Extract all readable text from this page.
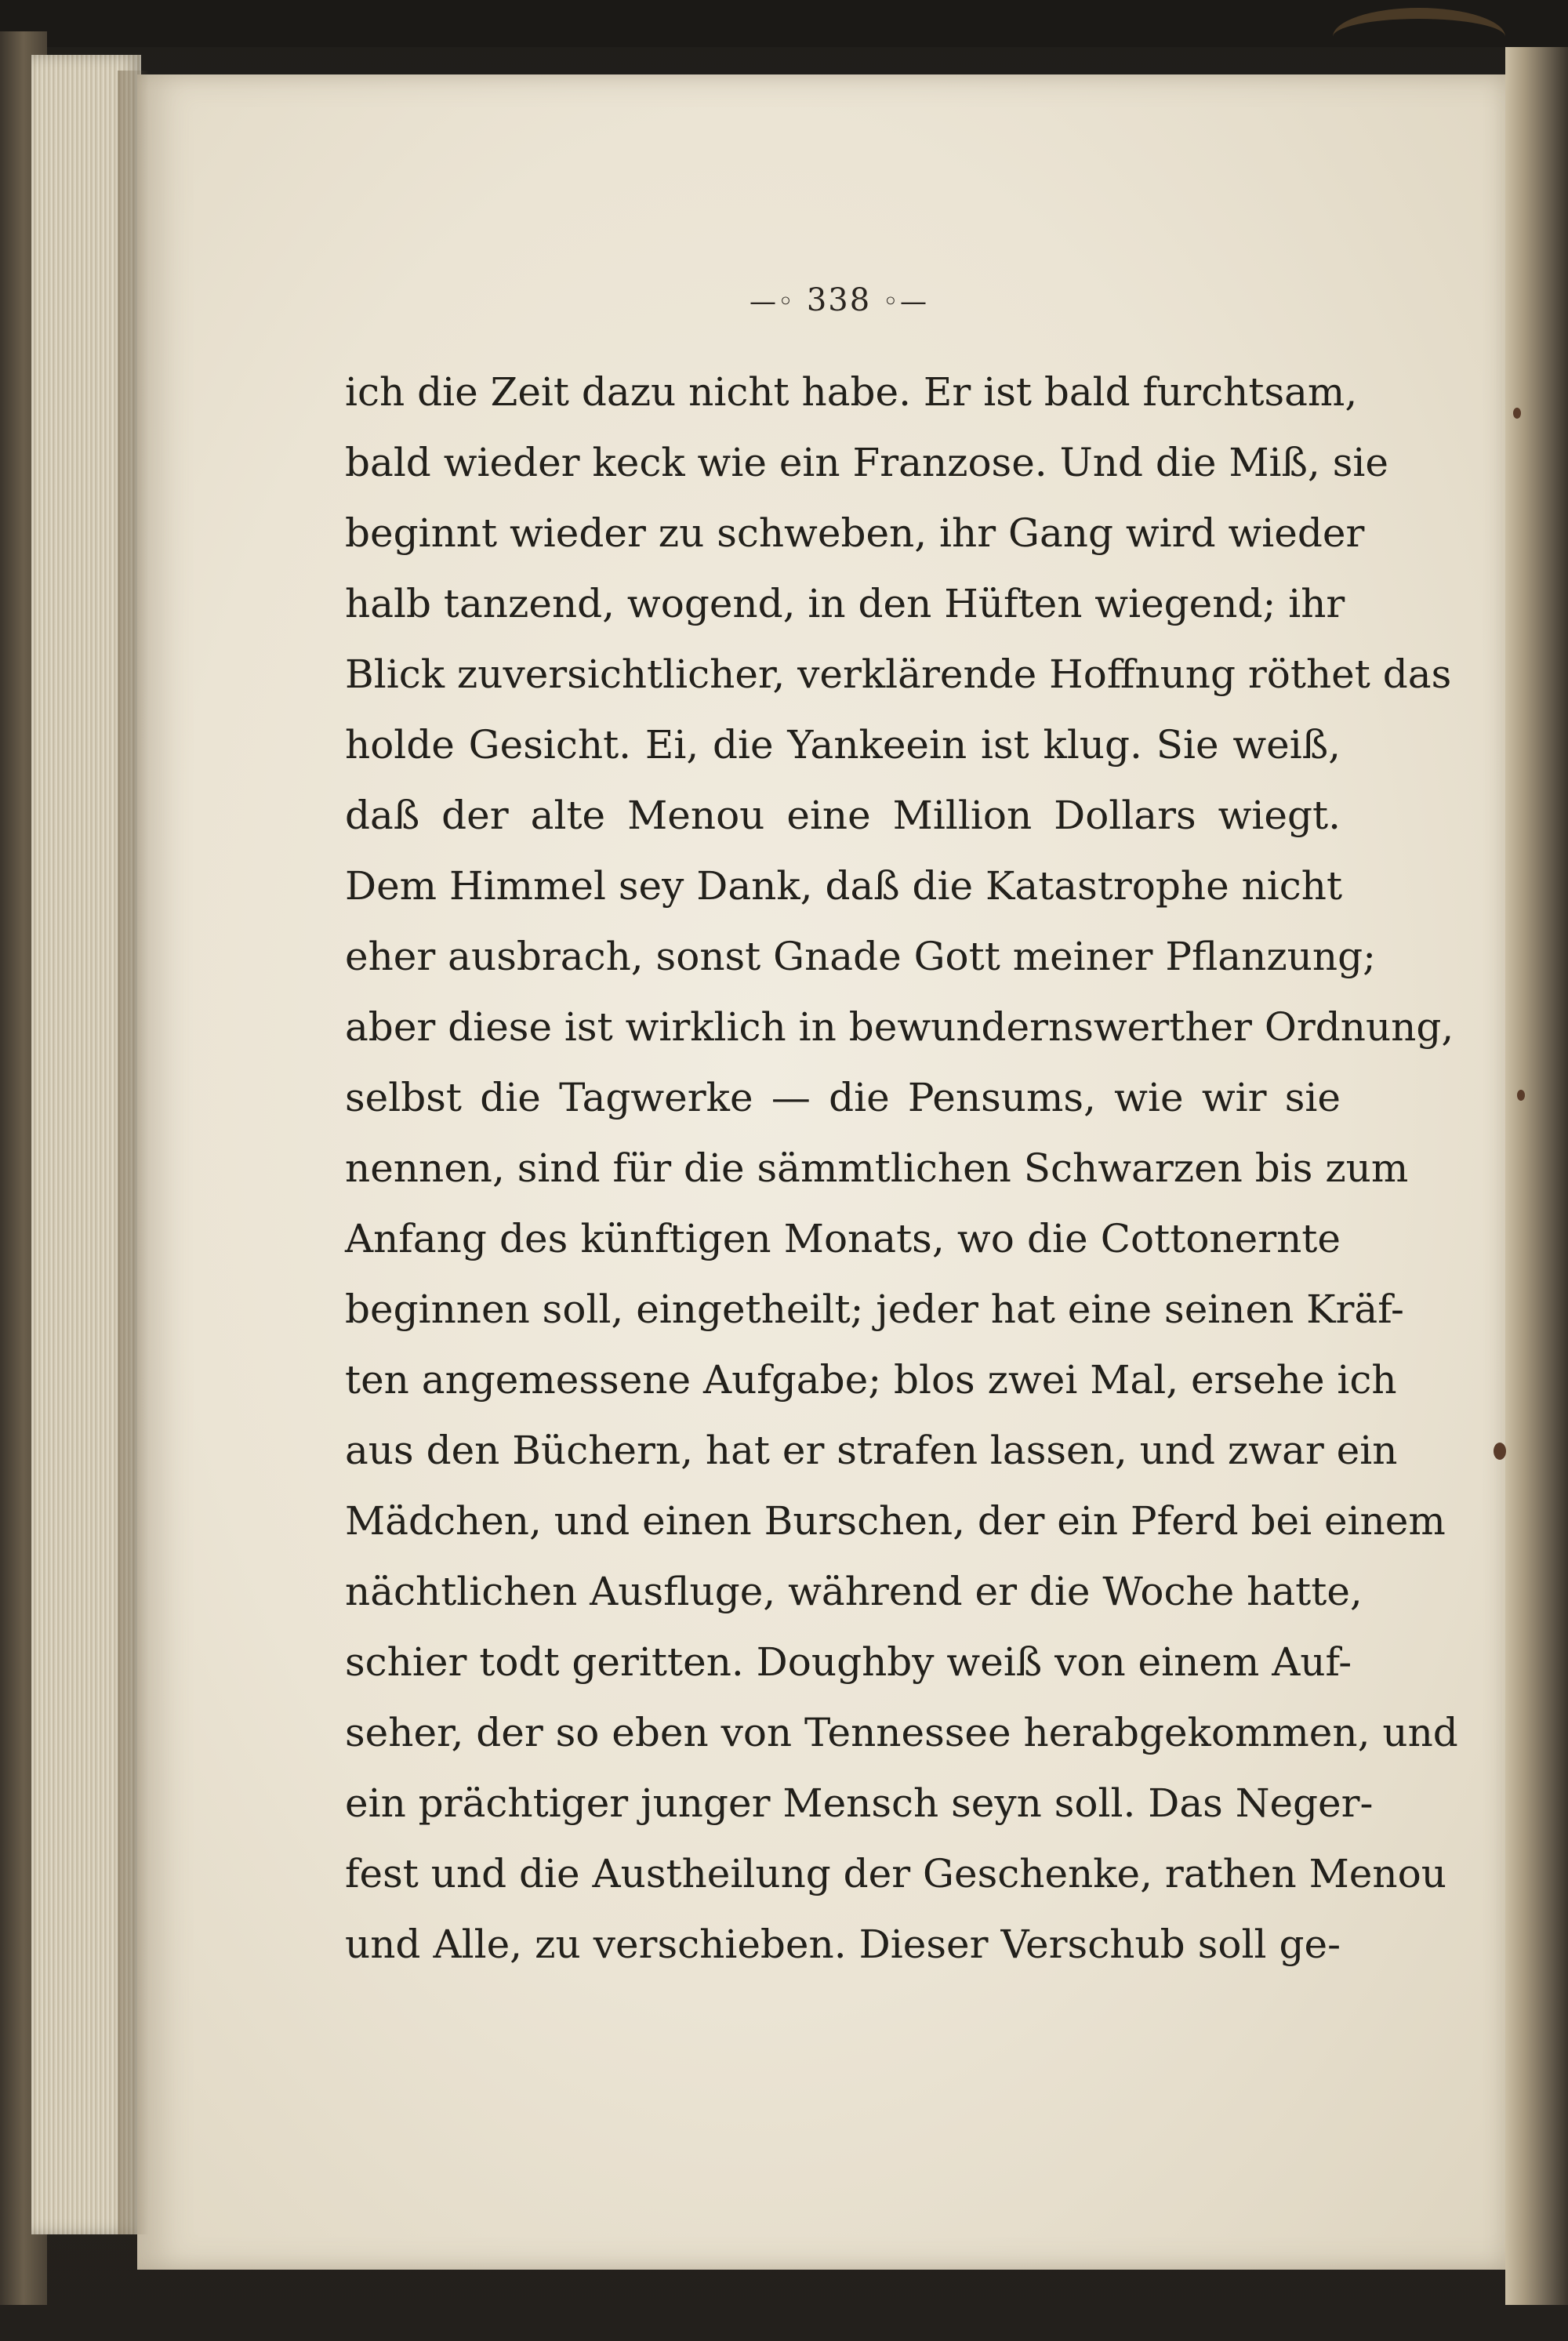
—◦ 338 ◦—
ich die Zeit dazu nicht habe. Er ist bald furchtsam,
bald wieder keck wie ein Franzose. Und die Miß, sie
beginnt wieder zu schweben, ihr Gang wird wieder
halb tanzend, wogend, in den Hüften wiegend; ihr
Blick zuversichtlicher, verklärende Hoffnung röthet das
holde Gesicht. Ei, die Yankeein ist klug. Sie weiß,
daß der alte Menou eine Million Dollars wiegt.
Dem Himmel sey Dank, daß die Katastrophe nicht
eher ausbrach, sonst Gnade Gott meiner Pflanzung;
aber diese ist wirklich in bewundernswerther Ordnung,
selbst die Tagwerke — die Pensums, wie wir sie
nennen, sind für die sämmtlichen Schwarzen bis zum
Anfang des künftigen Monats, wo die Cottonernte
beginnen soll, eingetheilt; jeder hat eine seinen Kräf-
ten angemessene Aufgabe; blos zwei Mal, ersehe ich
aus den Büchern, hat er strafen lassen, und zwar ein
Mädchen, und einen Burschen, der ein Pferd bei einem
nächtlichen Ausfluge, während er die Woche hatte,
schier todt geritten. Doughby weiß von einem Auf-
seher, der so eben von Tennessee herabgekommen, und
ein prächtiger junger Mensch seyn soll. Das Neger-
fest und die Austheilung der Geschenke, rathen Menou
und Alle, zu verschieben. Dieser Verschub soll ge-
